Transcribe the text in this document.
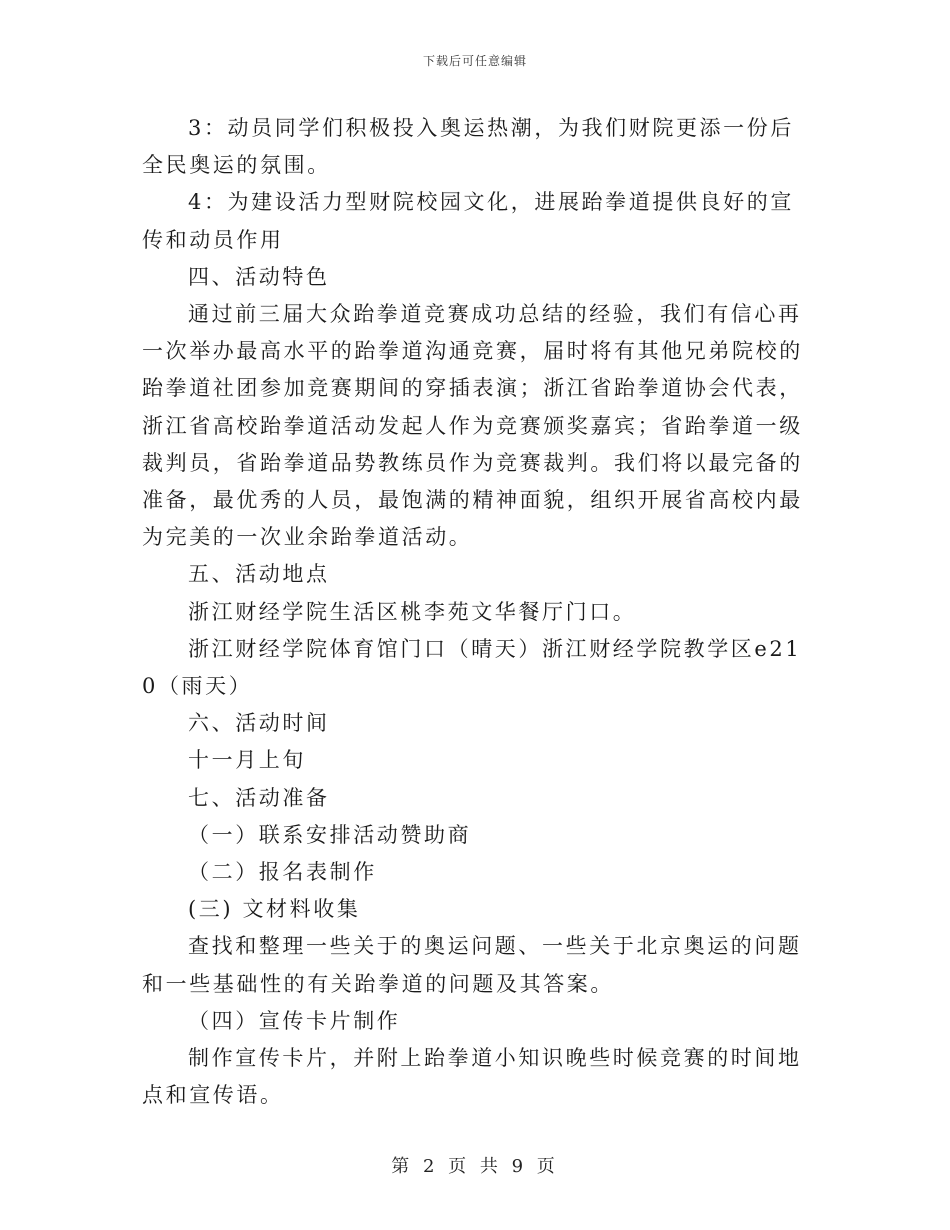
下载后可任意编辑

3：动员同学们积极投入奥运热潮，为我们财院更添一份后全民奥运的氛围。

4：为建设活力型财院校园文化，进展跆拳道提供良好的宣传和动员作用

四、活动特色

通过前三届大众跆拳道竞赛成功总结的经验，我们有信心再一次举办最高水平的跆拳道沟通竞赛，届时将有其他兄弟院校的跆拳道社团参加竞赛期间的穿插表演；浙江省跆拳道协会代表，浙江省高校跆拳道活动发起人作为竞赛颁奖嘉宾；省跆拳道一级裁判员，省跆拳道品势教练员作为竞赛裁判。我们将以最完备的准备，最优秀的人员，最饱满的精神面貌，组织开展省高校内最为完美的一次业余跆拳道活动。

五、活动地点

浙江财经学院生活区桃李苑文华餐厅门口。

浙江财经学院体育馆门口（晴天）浙江财经学院教学区e210（雨天）

六、活动时间

十一月上旬

七、活动准备

（一）联系安排活动赞助商

（二）报名表制作

(三) 文材料收集

查找和整理一些关于的奥运问题、一些关于北京奥运的问题和一些基础性的有关跆拳道的问题及其答案。

（四）宣传卡片制作

制作宣传卡片，并附上跆拳道小知识晚些时候竞赛的时间地点和宣传语。

第 2 页 共 9 页
